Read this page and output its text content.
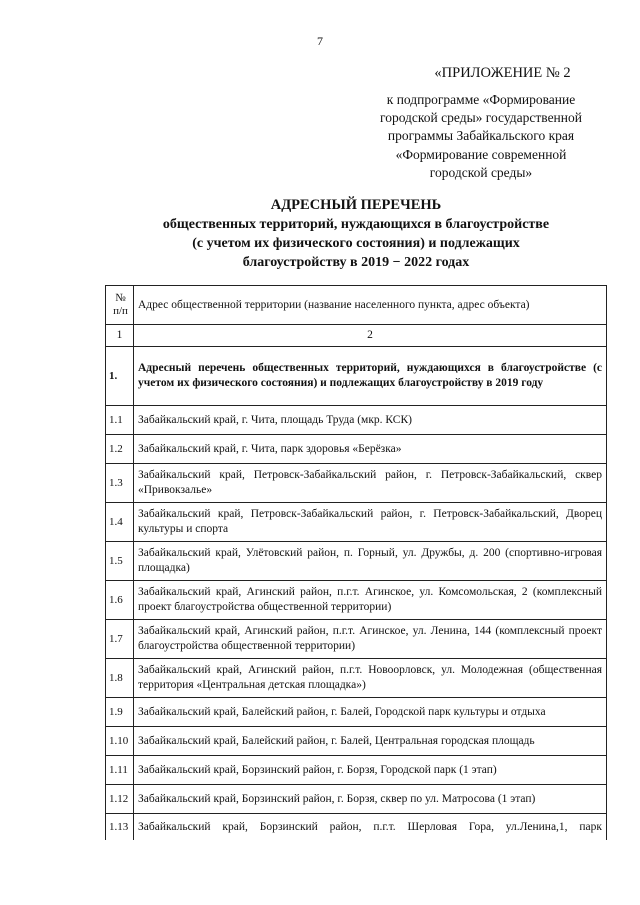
7
«ПРИЛОЖЕНИЕ № 2
к подпрограмме «Формирование
городской среды» государственной
программы Забайкальского края
«Формирование современной
городской среды»
АДРЕСНЫЙ ПЕРЕЧЕНЬ
общественных территорий, нуждающихся в благоустройстве
(с учетом их физического состояния) и подлежащих
благоустройству в 2019 − 2022 годах
№
п/п	Адрес общественной территории (название населенного пункта, адрес объекта)
1	2
1.	Адресный перечень общественных территорий, нуждающихся в благоустройстве (с учетом их физического состояния) и подлежащих благоустройству в 2019 году
1.1	Забайкальский край, г. Чита, площадь Труда (мкр. КСК)
1.2	Забайкальский край, г. Чита, парк здоровья «Берёзка»
1.3	Забайкальский край, Петровск-Забайкальский район, г. Петровск-Забайкальский, сквер «Привокзалье»
1.4	Забайкальский край, Петровск-Забайкальский район, г. Петровск-Забайкальский, Дворец культуры и спорта
1.5	Забайкальский край, Улётовский район, п. Горный, ул. Дружбы, д. 200 (спортивно-игровая площадка)
1.6	Забайкальский край, Агинский район, п.г.т. Агинское, ул. Комсомольская, 2 (комплексный проект благоустройства общественной территории)
1.7	Забайкальский край, Агинский район, п.г.т. Агинское, ул. Ленина, 144 (комплексный проект благоустройства общественной территории)
1.8	Забайкальский край, Агинский район, п.г.т. Новоорловск, ул. Молодежная (общественная территория «Центральная детская площадка»)
1.9	Забайкальский край, Балейский район, г. Балей, Городской парк культуры и отдыха
1.10	Забайкальский край, Балейский район, г. Балей, Центральная городская площадь
1.11	Забайкальский край, Борзинский район, г. Борзя, Городской парк (1 этап)
1.12	Забайкальский край, Борзинский район, г. Борзя, сквер по ул. Матросова (1 этап)
1.13	Забайкальский край, Борзинский район, п.г.т. Шерловая Гора, ул.Ленина,1, парк
